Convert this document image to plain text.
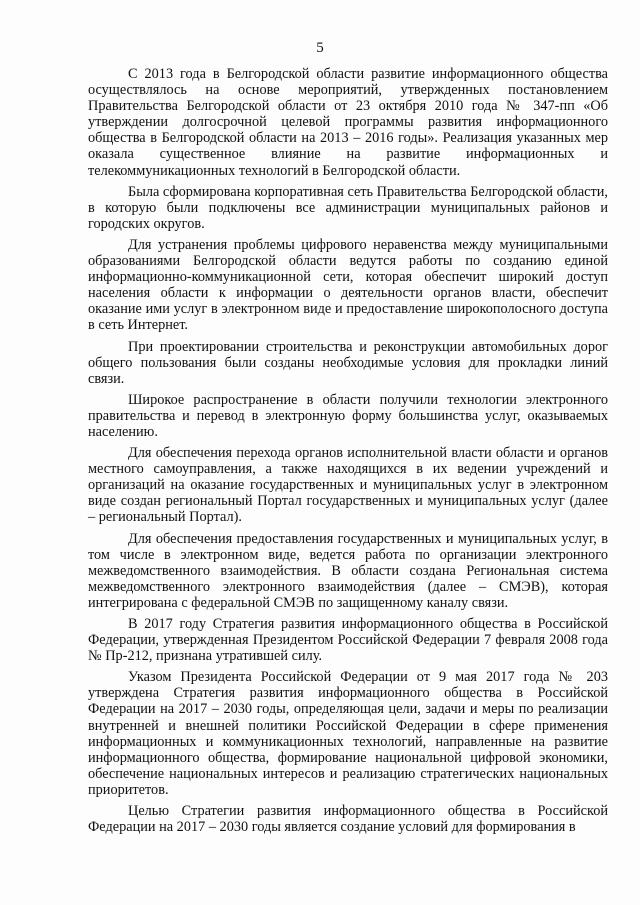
5

С 2013 года в Белгородской области развитие информационного общества осуществлялось на основе мероприятий, утвержденных постановлением Правительства Белгородской области от 23 октября 2010 года № 347-пп «Об утверждении долгосрочной целевой программы развития информационного общества в Белгородской области на 2013 – 2016 годы». Реализация указанных мер оказала существенное влияние на развитие информационных и телекоммуникационных технологий в Белгородской области.

Была сформирована корпоративная сеть Правительства Белгородской области, в которую были подключены все администрации муниципальных районов и городских округов.

Для устранения проблемы цифрового неравенства между муниципальными образованиями Белгородской области ведутся работы по созданию единой информационно-коммуникационной сети, которая обеспечит широкий доступ населения области к информации о деятельности органов власти, обеспечит оказание ими услуг в электронном виде и предоставление широкополосного доступа в сеть Интернет.

При проектировании строительства и реконструкции автомобильных дорог общего пользования были созданы необходимые условия для прокладки линий связи.

Широкое распространение в области получили технологии электронного правительства и перевод в электронную форму большинства услуг, оказываемых населению.

Для обеспечения перехода органов исполнительной власти области и органов местного самоуправления, а также находящихся в их ведении учреждений и организаций на оказание государственных и муниципальных услуг в электронном виде создан региональный Портал государственных и муниципальных услуг (далее – региональный Портал).

Для обеспечения предоставления государственных и муниципальных услуг, в том числе в электронном виде, ведется работа по организации электронного межведомственного взаимодействия. В области создана Региональная система межведомственного электронного взаимодействия (далее – СМЭВ), которая интегрирована с федеральной СМЭВ по защищенному каналу связи.

В 2017 году Стратегия развития информационного общества в Российской Федерации, утвержденная Президентом Российской Федерации 7 февраля 2008 года № Пр-212, признана утратившей силу.

Указом Президента Российской Федерации от 9 мая 2017 года № 203 утверждена Стратегия развития информационного общества в Российской Федерации на 2017 – 2030 годы, определяющая цели, задачи и меры по реализации внутренней и внешней политики Российской Федерации в сфере применения информационных и коммуникационных технологий, направленные на развитие информационного общества, формирование национальной цифровой экономики, обеспечение национальных интересов и реализацию стратегических национальных приоритетов.

Целью Стратегии развития информационного общества в Российской Федерации на 2017 – 2030 годы является создание условий для формирования в
